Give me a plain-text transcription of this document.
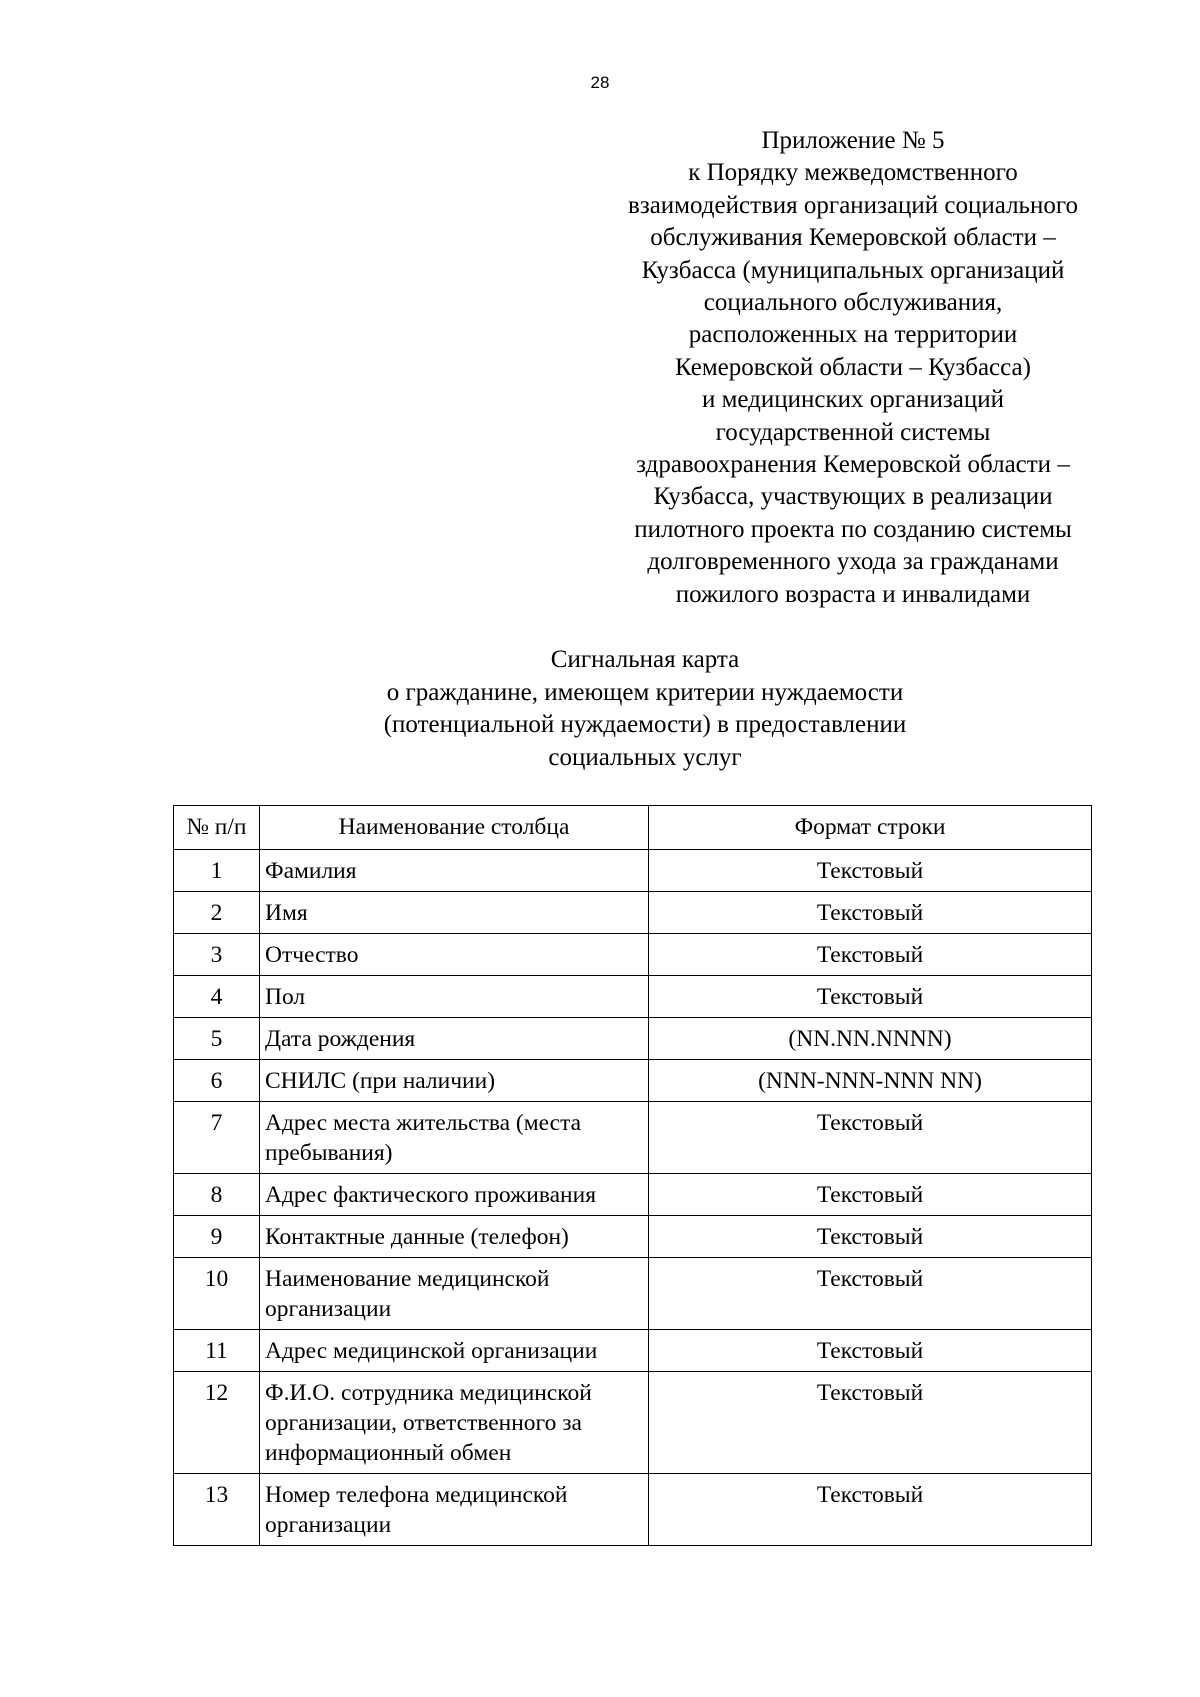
28
Приложение № 5
к Порядку межведомственного
взаимодействия организаций социального
обслуживания Кемеровской области –
Кузбасса (муниципальных организаций
социального обслуживания,
расположенных на территории
Кемеровской области – Кузбасса)
и медицинских организаций
государственной системы
здравоохранения Кемеровской области –
Кузбасса, участвующих в реализации
пилотного проекта по созданию системы
долговременного ухода за гражданами
пожилого возраста и инвалидами
Сигнальная карта
о гражданине, имеющем критерии нуждаемости
(потенциальной нуждаемости) в предоставлении
социальных услуг
№ п/п	Наименование столбца	Формат строки
1	Фамилия	Текстовый
2	Имя	Текстовый
3	Отчество	Текстовый
4	Пол	Текстовый
5	Дата рождения	(NN.NN.NNNN)
6	СНИЛС (при наличии)	(NNN-NNN-NNN NN)
7	Адрес места жительства (места пребывания)	Текстовый
8	Адрес фактического проживания	Текстовый
9	Контактные данные (телефон)	Текстовый
10	Наименование медицинской организации	Текстовый
11	Адрес медицинской организации	Текстовый
12	Ф.И.О. сотрудника медицинской организации, ответственного за информационный обмен	Текстовый
13	Номер телефона медицинской организации	Текстовый
